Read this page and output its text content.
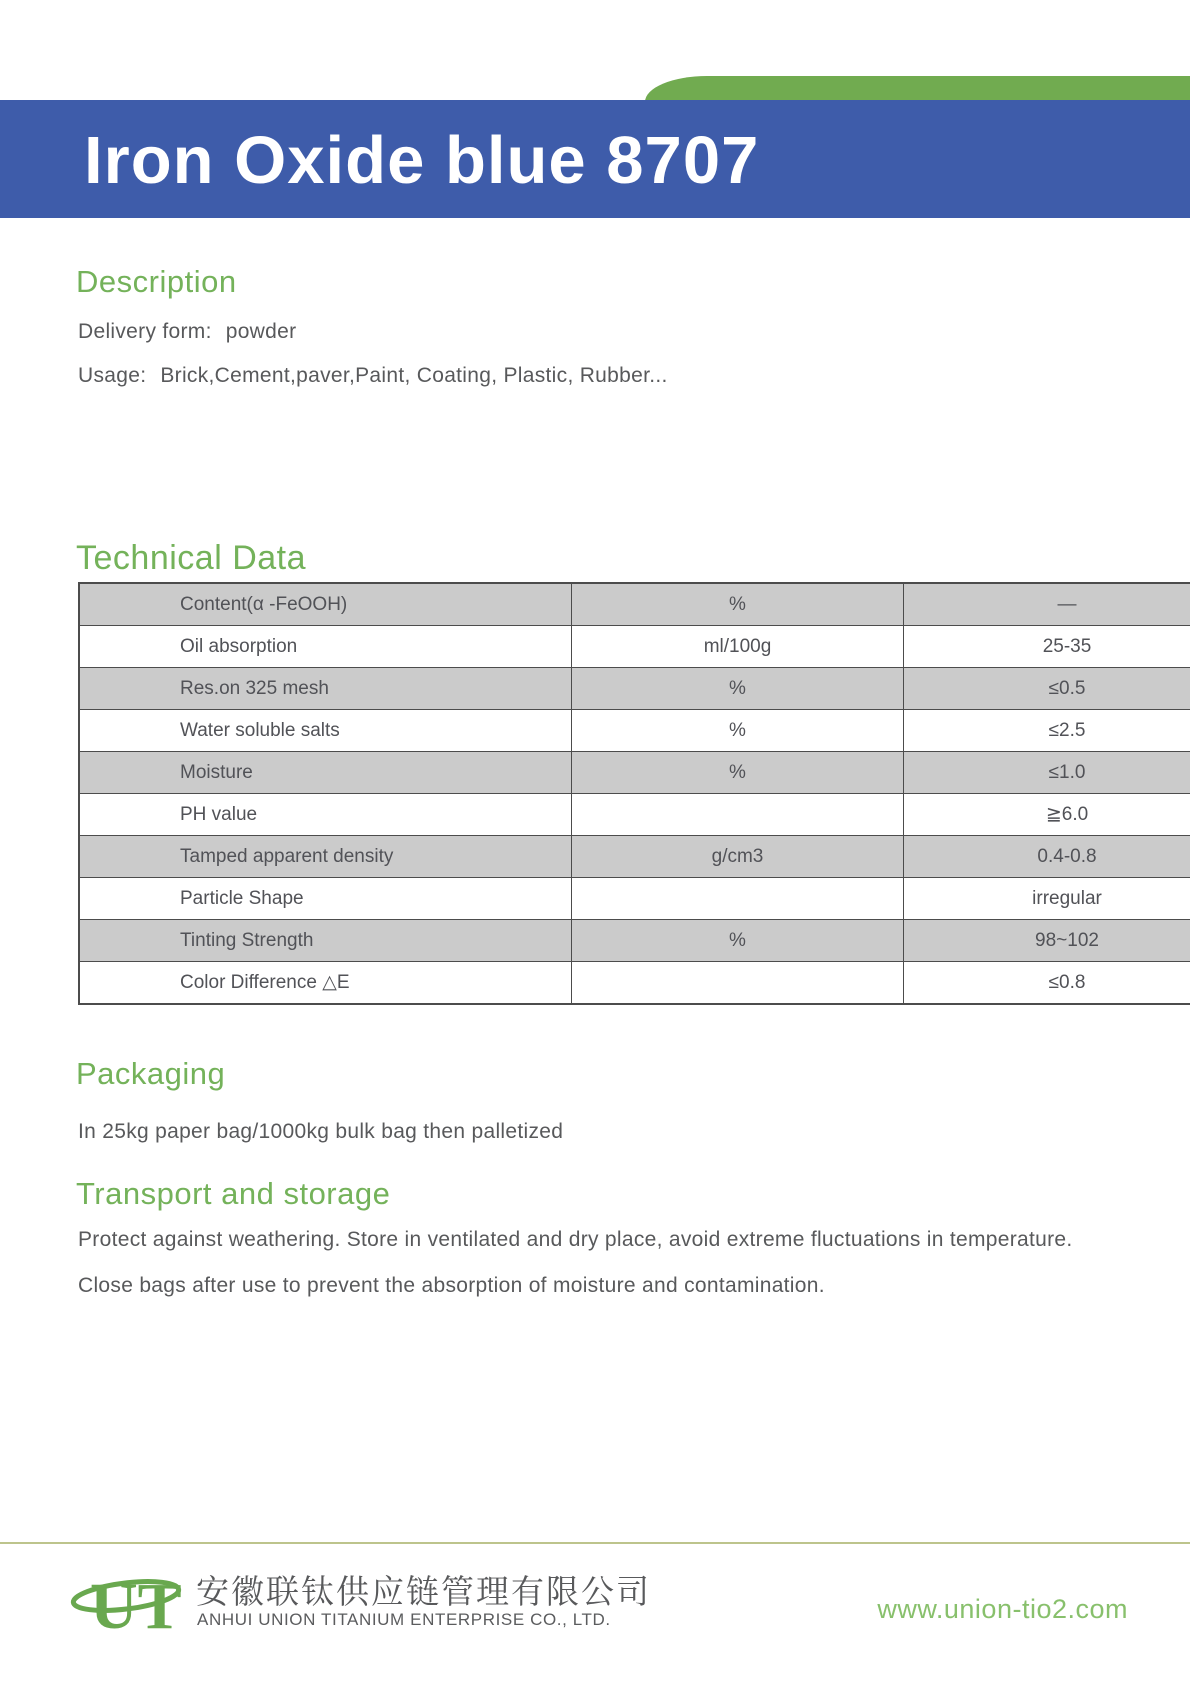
Iron Oxide blue 8707
Description
Delivery form: powder
Usage: Brick,Cement,paver,Paint, Coating, Plastic, Rubber...
Technical Data
Content(α -FeOOH)	%	—
Oil absorption	ml/100g	25-35
Res.on 325 mesh	%	≤0.5
Water soluble salts	%	≤2.5
Moisture	%	≤1.0
PH value		≧6.0
Tamped apparent density	g/cm3	0.4-0.8
Particle Shape		irregular
Tinting Strength	%	98~102
Color Difference △E		≤0.8
Packaging
In 25kg paper bag/1000kg bulk bag then palletized
Transport and storage
Protect against weathering. Store in ventilated and dry place, avoid extreme fluctuations in temperature.
Close bags after use to prevent the absorption of moisture and contamination.
UT 安徽联钛供应链管理有限公司
ANHUI UNION TITANIUM ENTERPRISE CO., LTD.	www.union-tio2.com
